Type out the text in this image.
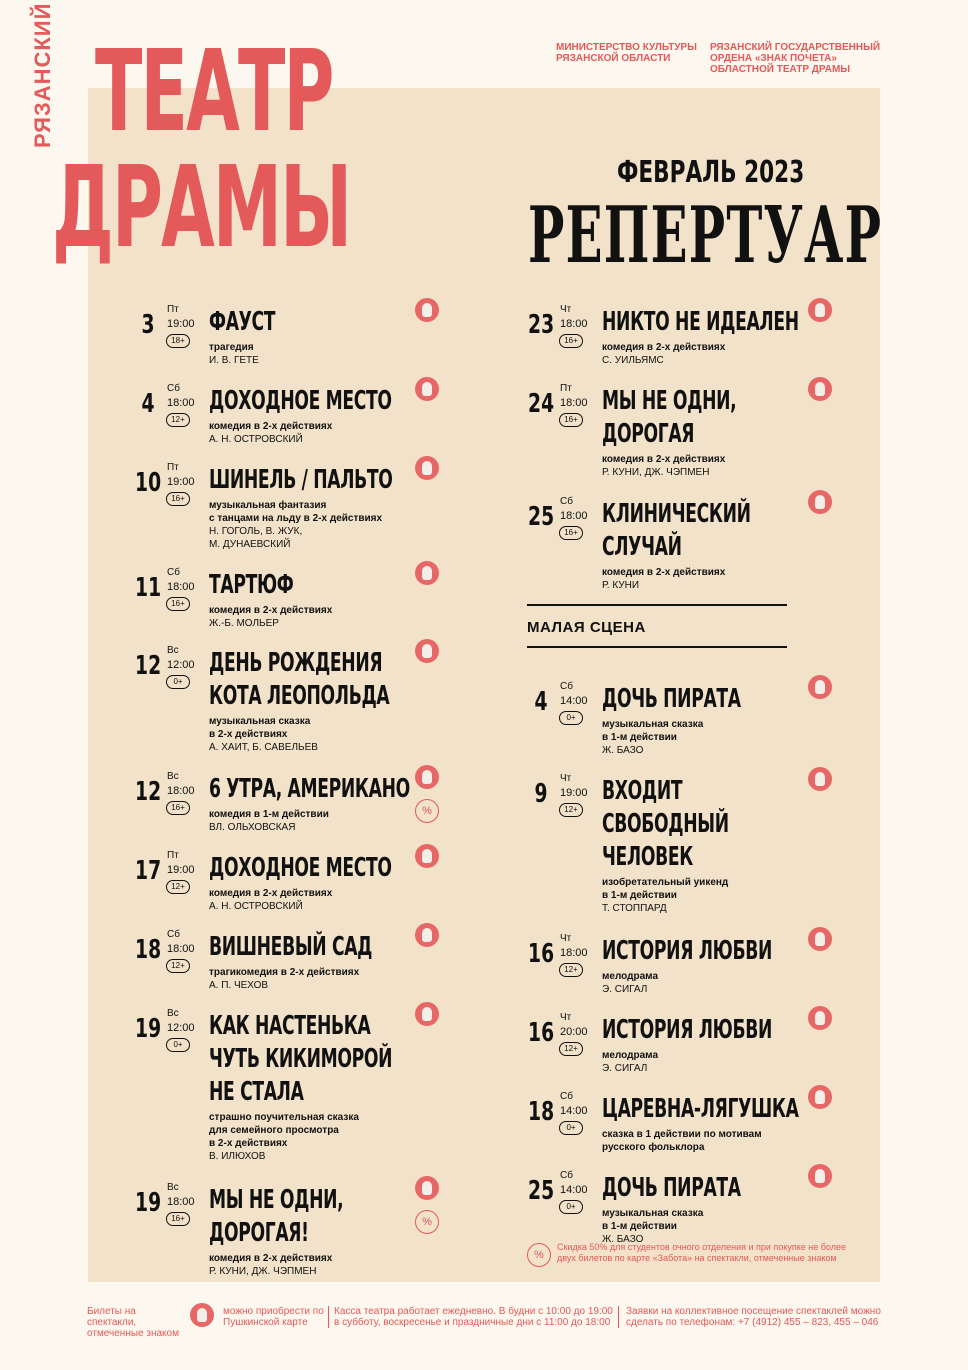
РЯЗАНСКИЙ ТЕАТР
ДРАМЫ
МИНИСТЕРСТВО КУЛЬТУРЫ РЯЗАНСКОЙ ОБЛАСТИ
РЯЗАНСКИЙ ГОСУДАРСТВЕННЫЙ ОРДЕНА «ЗНАК ПОЧЕТА» ОБЛАСТНОЙ ТЕАТР ДРАМЫ
ФЕВРАЛЬ 2023
РЕПЕРТУАР
3
Пт
19:00
18+
ФАУСТ
трагедия
И. В. ГЕТЕ
4
Сб
18:00
12+
ДОХОДНОЕ МЕСТО
комедия в 2-х действиях
А. Н. ОСТРОВСКИЙ
10
Пт
19:00
16+
ШИНЕЛЬ / ПАЛЬТО
музыкальная фантазия
с танцами на льду в 2-х действиях
Н. ГОГОЛЬ, В. ЖУК,
М. ДУНАЕВСКИЙ
11
Сб
18:00
16+
ТАРТЮФ
комедия в 2-х действиях
Ж.-Б. МОЛЬЕР
12
Вс
12:00
0+
ДЕНЬ РОЖДЕНИЯ
КОТА ЛЕОПОЛЬДА
музыкальная сказка
в 2-х действиях
А. ХАИТ, Б. САВЕЛЬЕВ
12
Вс
18:00
16+
6 УТРА, АМЕРИКАНО
комедия в 1-м действии
ВЛ. ОЛЬХОВСКАЯ
%
17
Пт
19:00
12+
ДОХОДНОЕ МЕСТО
комедия в 2-х действиях
А. Н. ОСТРОВСКИЙ
18
Сб
18:00
12+
ВИШНЕВЫЙ САД
трагикомедия в 2-х действиях
А. П. ЧЕХОВ
19
Вс
12:00
0+
КАК НАСТЕНЬКА
ЧУТЬ КИКИМОРОЙ
НЕ СТАЛА
страшно поучительная сказка
для семейного просмотра
в 2-х действиях
В. ИЛЮХОВ
19
Вс
18:00
16+
МЫ НЕ ОДНИ,
ДОРОГАЯ!
комедия в 2-х действиях
Р. КУНИ, ДЖ. ЧЭПМЕН
%
23
Чт
18:00
16+
НИКТО НЕ ИДЕАЛЕН
комедия в 2-х действиях
С. УИЛЬЯМС
24
Пт
18:00
16+
МЫ НЕ ОДНИ,
ДОРОГАЯ
комедия в 2-х действиях
Р. КУНИ, ДЖ. ЧЭПМЕН
25
Сб
18:00
16+
КЛИНИЧЕСКИЙ
СЛУЧАЙ
комедия в 2-х действиях
Р. КУНИ
МАЛАЯ СЦЕНА
4
Сб
14:00
0+
ДОЧЬ ПИРАТА
музыкальная сказка
в 1-м действии
Ж. БАЗО
9
Чт
19:00
12+
ВХОДИТ
СВОБОДНЫЙ
ЧЕЛОВЕК
изобретательный уикенд
в 1-м действии
Т. СТОППАРД
16
Чт
18:00
12+
ИСТОРИЯ ЛЮБВИ
мелодрама
Э. СИГАЛ
16
Чт
20:00
12+
ИСТОРИЯ ЛЮБВИ
мелодрама
Э. СИГАЛ
18
Сб
14:00
0+
ЦАРЕВНА-ЛЯГУШКА
сказка в 1 действии по мотивам
русского фольклора
25
Сб
14:00
0+
ДОЧЬ ПИРАТА
музыкальная сказка
в 1-м действии
Ж. БАЗО
%
Скидка 50% для студентов очного отделения и при покупке не более двух билетов по карте «Забота» на спектакли, отмеченные знаком
Билеты на спектакли, отмеченные знаком
можно приобрести по Пушкинской карте
Касса театра работает ежедневно. В будни с 10:00 до 19:00 в субботу, воскресенье и праздничные дни с 11:00 до 18:00
Заявки на коллективное посещение спектаклей можно сделать по телефонам: +7 (4912) 455 – 823, 455 – 046
